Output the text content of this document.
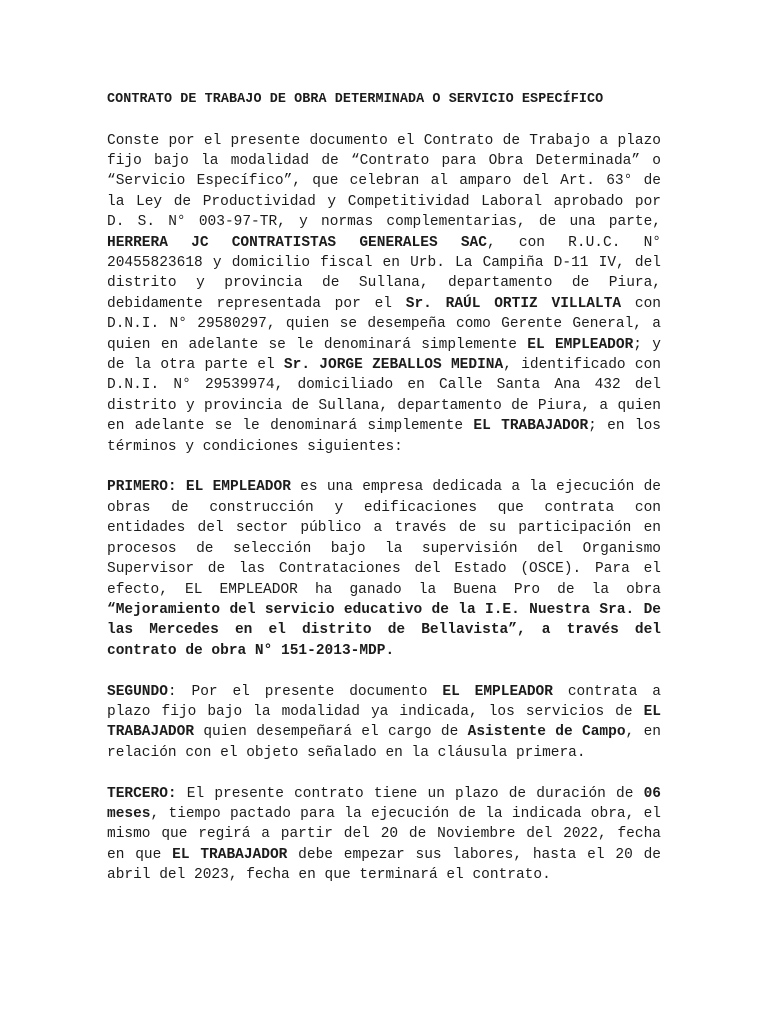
CONTRATO DE TRABAJO DE OBRA DETERMINADA O SERVICIO ESPECÍFICO

Conste por el presente documento el Contrato de Trabajo a plazo fijo bajo la modalidad de “Contrato para Obra Determinada” o “Servicio Específico”, que celebran al amparo del Art. 63° de la Ley de Productividad y Competitividad Laboral aprobado por D. S. N° 003-97-TR, y normas complementarias, de una parte, HERRERA JC CONTRATISTAS GENERALES SAC, con R.U.C. N° 20455823618 y domicilio fiscal en Urb. La Campiña D-11 IV, del distrito y provincia de Sullana, departamento de Piura, debidamente representada por el Sr. RAÚL ORTIZ VILLALTA con D.N.I. N° 29580297, quien se desempeña como Gerente General, a quien en adelante se le denominará simplemente EL EMPLEADOR; y de la otra parte el Sr. JORGE ZEBALLOS MEDINA, identificado con D.N.I. N° 29539974, domiciliado en Calle Santa Ana 432 del distrito y provincia de Sullana, departamento de Piura, a quien en adelante se le denominará simplemente EL TRABAJADOR; en los términos y condiciones siguientes:

PRIMERO: EL EMPLEADOR es una empresa dedicada a la ejecución de obras de construcción y edificaciones que contrata con entidades del sector público a través de su participación en procesos de selección bajo la supervisión del Organismo Supervisor de las Contrataciones del Estado (OSCE). Para el efecto, EL EMPLEADOR ha ganado la Buena Pro de la obra “Mejoramiento del servicio educativo de la I.E. Nuestra Sra. De las Mercedes en el distrito de Bellavista”, a través del contrato de obra N° 151-2013-MDP.

SEGUNDO: Por el presente documento EL EMPLEADOR contrata a plazo fijo bajo la modalidad ya indicada, los servicios de EL TRABAJADOR quien desempeñará el cargo de Asistente de Campo, en relación con el objeto señalado en la cláusula primera.

TERCERO: El presente contrato tiene un plazo de duración de 06 meses, tiempo pactado para la ejecución de la indicada obra, el mismo que regirá a partir del 20 de Noviembre del 2022, fecha en que EL TRABAJADOR debe empezar sus labores, hasta el 20 de abril del 2023, fecha en que terminará el contrato.
